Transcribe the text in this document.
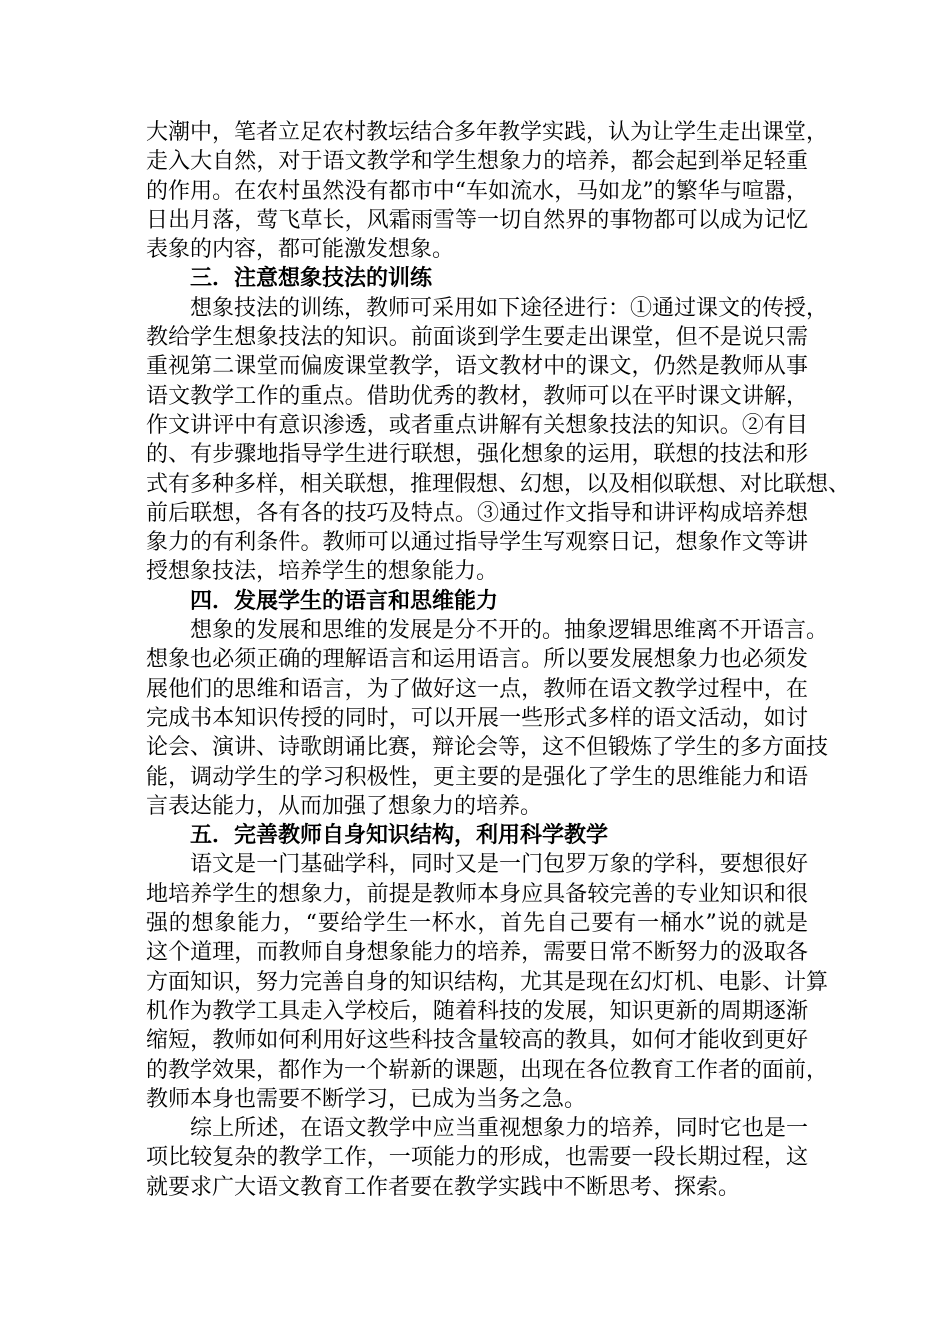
大潮中，笔者立足农村教坛结合多年教学实践，认为让学生走出课堂，
走入大自然，对于语文教学和学生想象力的培养，都会起到举足轻重
的作用。在农村虽然没有都市中“车如流水，马如龙”的繁华与喧嚣，
日出月落，莺飞草长，风霜雨雪等一切自然界的事物都可以成为记忆
表象的内容，都可能激发想象。
三．注意想象技法的训练
想象技法的训练，教师可采用如下途径进行：①通过课文的传授，
教给学生想象技法的知识。前面谈到学生要走出课堂，但不是说只需
重视第二课堂而偏废课堂教学，语文教材中的课文，仍然是教师从事
语文教学工作的重点。借助优秀的教材，教师可以在平时课文讲解，
作文讲评中有意识渗透，或者重点讲解有关想象技法的知识。②有目
的、有步骤地指导学生进行联想，强化想象的运用，联想的技法和形
式有多种多样，相关联想，推理假想、幻想，以及相似联想、对比联想、
前后联想，各有各的技巧及特点。③通过作文指导和讲评构成培养想
象力的有利条件。教师可以通过指导学生写观察日记，想象作文等讲
授想象技法，培养学生的想象能力。
四．发展学生的语言和思维能力
想象的发展和思维的发展是分不开的。抽象逻辑思维离不开语言。
想象也必须正确的理解语言和运用语言。所以要发展想象力也必须发
展他们的思维和语言，为了做好这一点，教师在语文教学过程中，在
完成书本知识传授的同时，可以开展一些形式多样的语文活动，如讨
论会、演讲、诗歌朗诵比赛，辩论会等，这不但锻炼了学生的多方面技
能，调动学生的学习积极性，更主要的是强化了学生的思维能力和语
言表达能力，从而加强了想象力的培养。
五．完善教师自身知识结构，利用科学教学
语文是一门基础学科，同时又是一门包罗万象的学科，要想很好
地培养学生的想象力，前提是教师本身应具备较完善的专业知识和很
强的想象能力，“要给学生一杯水，首先自己要有一桶水”说的就是
这个道理，而教师自身想象能力的培养，需要日常不断努力的汲取各
方面知识，努力完善自身的知识结构，尤其是现在幻灯机、电影、计算
机作为教学工具走入学校后，随着科技的发展，知识更新的周期逐渐
缩短，教师如何利用好这些科技含量较高的教具，如何才能收到更好
的教学效果，都作为一个崭新的课题，出现在各位教育工作者的面前，
教师本身也需要不断学习，已成为当务之急。
综上所述，在语文教学中应当重视想象力的培养，同时它也是一
项比较复杂的教学工作，一项能力的形成，也需要一段长期过程，这
就要求广大语文教育工作者要在教学实践中不断思考、探索。
